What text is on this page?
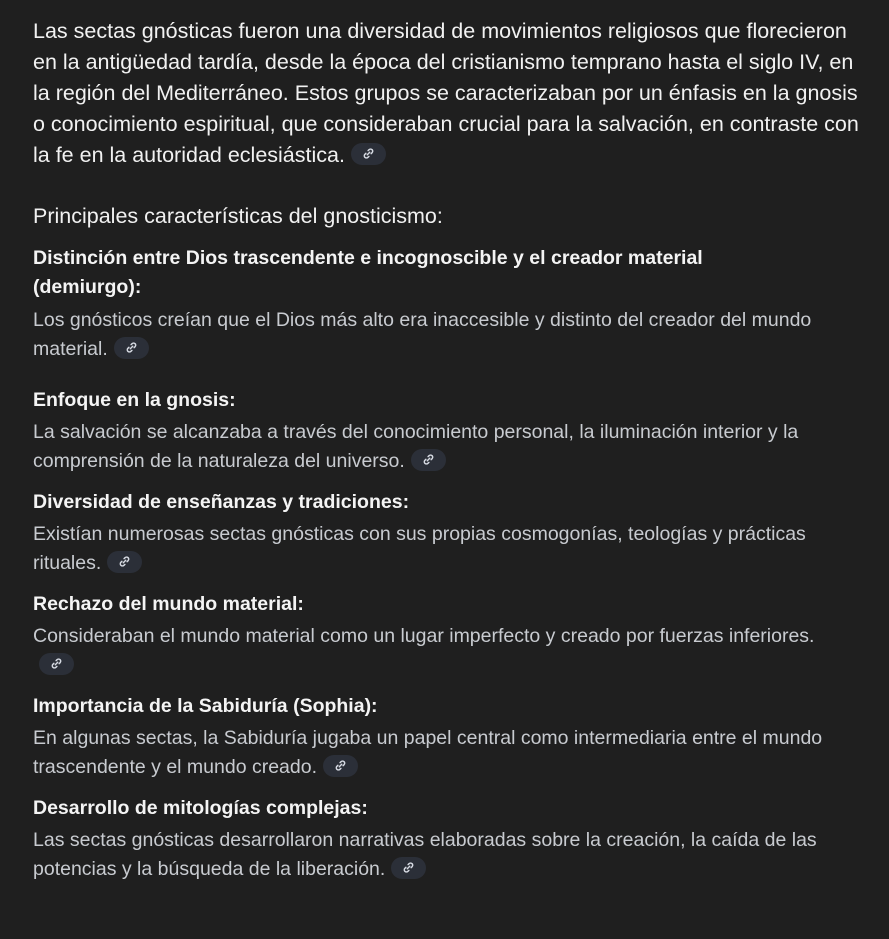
Las sectas gnósticas fueron una diversidad de movimientos religiosos que florecieron en la antigüedad tardía, desde la época del cristianismo temprano hasta el siglo IV, en la región del Mediterráneo. Estos grupos se caracterizaban por un énfasis en la gnosis o conocimiento espiritual, que consideraban crucial para la salvación, en contraste con la fe en la autoridad eclesiástica.

Principales características del gnosticismo:

Distinción entre Dios trascendente e incognoscible y el creador material (demiurgo):

Los gnósticos creían que el Dios más alto era inaccesible y distinto del creador del mundo material.

Enfoque en la gnosis:

La salvación se alcanzaba a través del conocimiento personal, la iluminación interior y la comprensión de la naturaleza del universo.

Diversidad de enseñanzas y tradiciones:

Existían numerosas sectas gnósticas con sus propias cosmogonías, teologías y prácticas rituales.

Rechazo del mundo material:

Consideraban el mundo material como un lugar imperfecto y creado por fuerzas inferiores.

Importancia de la Sabiduría (Sophia):

En algunas sectas, la Sabiduría jugaba un papel central como intermediaria entre el mundo trascendente y el mundo creado.

Desarrollo de mitologías complejas:

Las sectas gnósticas desarrollaron narrativas elaboradas sobre la creación, la caída de las potencias y la búsqueda de la liberación.
